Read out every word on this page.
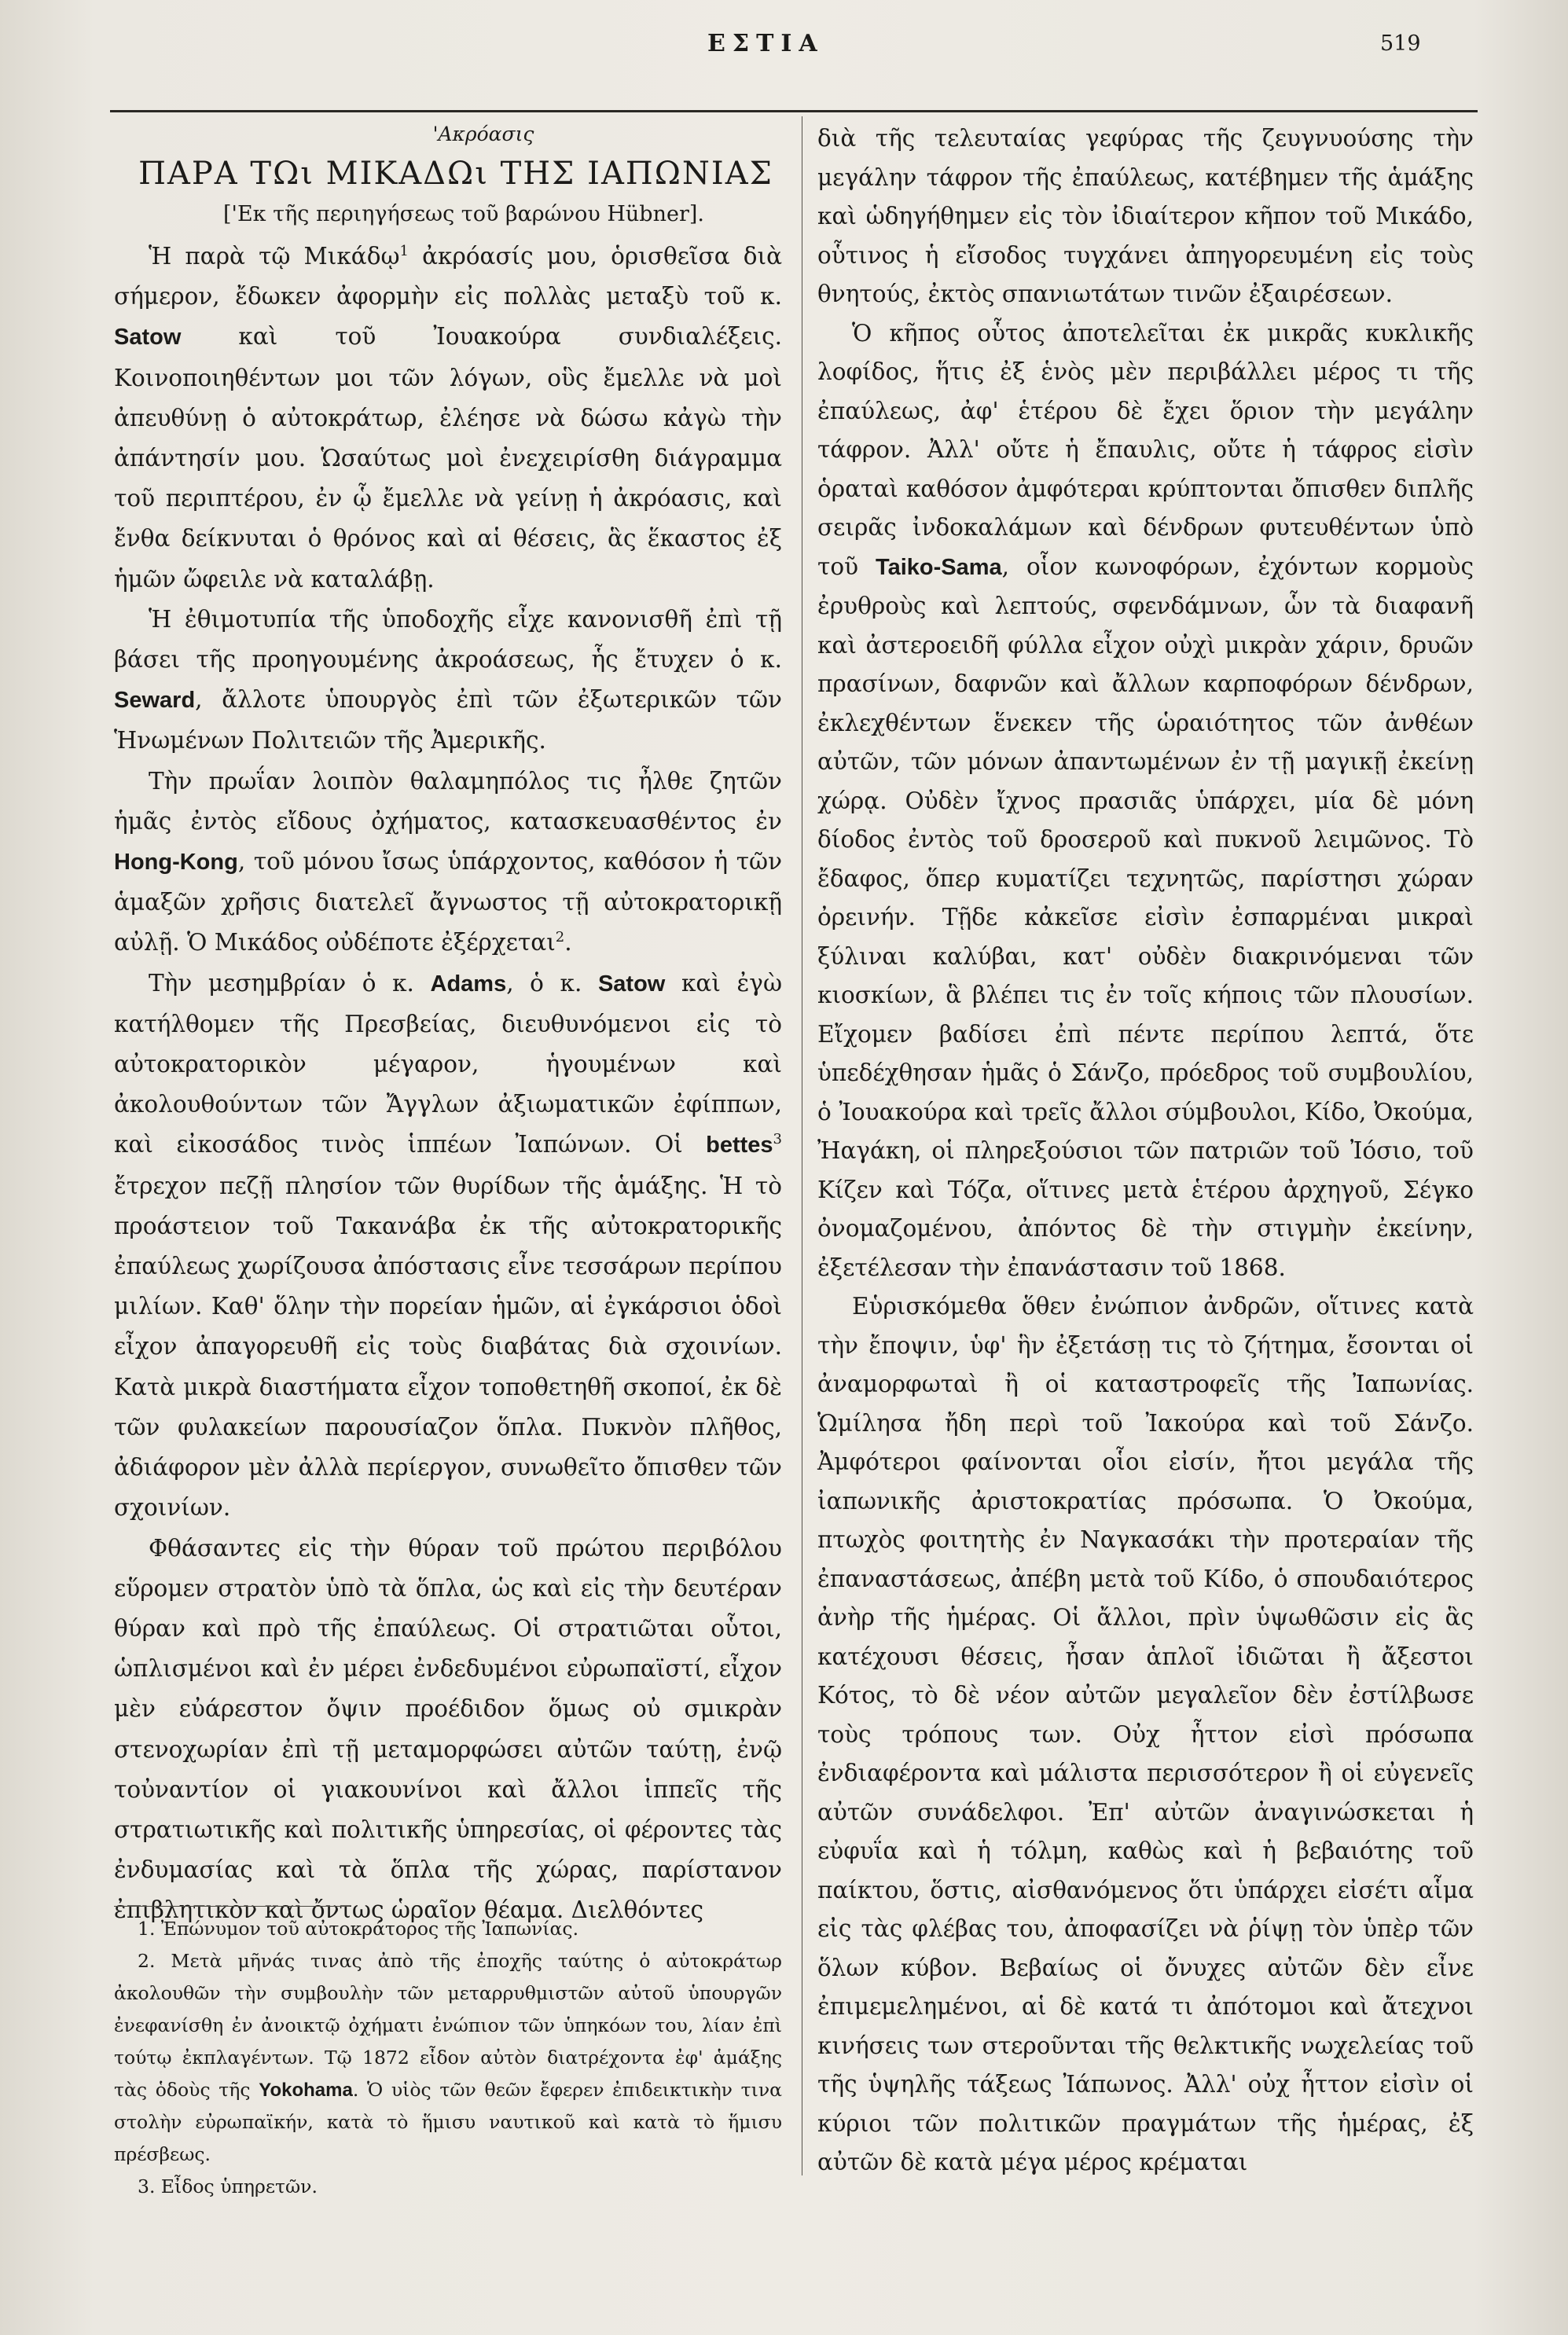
ΕΣΤΙΑ	519
'Ακρόασις
ΠΑΡΑ ΤΩι ΜΙΚΑΔΩι ΤΗΣ ΙΑΠΩΝΙΑΣ
['Εκ τῆς περιηγήσεως τοῦ βαρώνου Hübner].

Ἡ παρὰ τῷ Μικάδῳ$^1$ ἀκρόασίς μου, ὁρισθεῖσα διὰ σήμερον, ἔδωκεν ἀφορμὴν εἰς πολλὰς μεταξὺ τοῦ κ. Satow καὶ τοῦ Ἰουακούρα συνδιαλέξεις. Κοινοποιηθέντων μοι τῶν λόγων, οὓς ἔμελλε νὰ μοὶ ἀπευθύνῃ ὁ αὐτοκράτωρ, ἐλέησε νὰ δώσω κἀγὼ τὴν ἀπάντησίν μου. Ὡσαύτως μοὶ ἐνεχειρίσθη διάγραμμα τοῦ περιπτέρου, ἐν ᾧ ἔμελλε νὰ γείνῃ ἡ ἀκρόασις, καὶ ἔνθα δείκνυται ὁ θρόνος καὶ αἱ θέσεις, ἃς ἕκαστος ἐξ ἡμῶν ὤφειλε νὰ καταλάβῃ.

Ἡ ἐθιμοτυπία τῆς ὑποδοχῆς εἶχε κανονισθῆ ἐπὶ τῇ βάσει τῆς προηγουμένης ἀκροάσεως, ἧς ἔτυχεν ὁ κ. Seward, ἄλλοτε ὑπουργὸς ἐπὶ τῶν ἐξωτερικῶν τῶν Ἡνωμένων Πολιτειῶν τῆς Ἀμερικῆς.

Τὴν πρωΐαν λοιπὸν θαλαμηπόλος τις ἦλθε ζητῶν ἡμᾶς ἐντὸς εἴδους ὀχήματος, κατασκευασθέντος ἐν Hong-Kong, τοῦ μόνου ἴσως ὑπάρχοντος, καθόσον ἡ τῶν ἁμαξῶν χρῆσις διατελεῖ ἄγνωστος τῇ αὐτοκρατορικῇ αὐλῇ. Ὁ Μικάδος οὐδέποτε ἐξέρχεται$^2$.

Τὴν μεσημβρίαν ὁ κ. Adams, ὁ κ. Satow καὶ ἐγὼ κατήλθομεν τῆς Πρεσβείας, διευθυνόμενοι εἰς τὸ αὐτοκρατορικὸν μέγαρον, ἡγουμένων καὶ ἀκολουθούντων τῶν Ἄγγλων ἀξιωματικῶν ἐφίππων, καὶ εἰκοσάδος τινὸς ἱππέων Ἰαπώνων. Οἱ bettes$^3$ ἔτρεχον πεζῇ πλησίον τῶν θυρίδων τῆς ἁμάξης. Ἡ τὸ προάστειον τοῦ Τακανάβα ἐκ τῆς αὐτοκρατορικῆς ἐπαύλεως χωρίζουσα ἀπόστασις εἶνε τεσσάρων περίπου μιλίων. Καθ' ὅλην τὴν πορείαν ἡμῶν, αἱ ἐγκάρσιοι ὁδοὶ εἶχον ἀπαγορευθῆ εἰς τοὺς διαβάτας διὰ σχοινίων. Κατὰ μικρὰ διαστήματα εἶχον τοποθετηθῆ σκοποί, ἐκ δὲ τῶν φυλακείων παρουσίαζον ὅπλα. Πυκνὸν πλῆθος, ἀδιάφορον μὲν ἀλλὰ περίεργον, συνωθεῖτο ὄπισθεν τῶν σχοινίων.

Φθάσαντες εἰς τὴν θύραν τοῦ πρώτου περιβόλου εὕρομεν στρατὸν ὑπὸ τὰ ὅπλα, ὡς καὶ εἰς τὴν δευτέραν θύραν καὶ πρὸ τῆς ἐπαύλεως. Οἱ στρατιῶται οὗτοι, ὡπλισμένοι καὶ ἐν μέρει ἐνδεδυμένοι εὐρωπαϊστί, εἶχον μὲν εὐάρεστον ὄψιν προέδιδον ὅμως οὐ σμικρὰν στενοχωρίαν ἐπὶ τῇ μεταμορφώσει αὐτῶν ταύτῃ, ἐνῷ τοὐναντίον οἱ γιακουνίνοι καὶ ἄλλοι ἱππεῖς τῆς στρατιωτικῆς καὶ πολιτικῆς ὑπηρεσίας, οἱ φέροντες τὰς ἐνδυμασίας καὶ τὰ ὅπλα τῆς χώρας, παρίστανον ἐπιβλητικὸν καὶ ὄντως ὡραῖον θέαμα. Διελθόντες

1. Ἐπώνυμον τοῦ αὐτοκράτορος τῆς Ἰαπωνίας.

2. Μετὰ μῆνάς τινας ἀπὸ τῆς ἐποχῆς ταύτης ὁ αὐτοκράτωρ ἀκολουθῶν τὴν συμβουλὴν τῶν μεταρρυθμιστῶν αὐτοῦ ὑπουργῶν ἐνεφανίσθη ἐν ἀνοικτῷ ὀχήματι ἐνώπιον τῶν ὑπηκόων του, λίαν ἐπὶ τούτῳ ἐκπλαγέντων. Τῷ 1872 εἶδον αὐτὸν διατρέχοντα ἐφ' ἁμάξης τὰς ὁδοὺς τῆς Yokohama. Ὁ υἱὸς τῶν θεῶν ἔφερεν ἐπιδεικτικὴν τινα στολὴν εὐρωπαϊκήν, κατὰ τὸ ἥμισυ ναυτικοῦ καὶ κατὰ τὸ ἥμισυ πρέσβεως.

3. Εἶδος ὑπηρετῶν.

διὰ τῆς τελευταίας γεφύρας τῆς ζευγνυούσης τὴν μεγάλην τάφρον τῆς ἐπαύλεως, κατέβημεν τῆς ἁμάξης καὶ ὡδηγήθημεν εἰς τὸν ἰδιαίτερον κῆπον τοῦ Μικάδο, οὗτινος ἡ εἴσοδος τυγχάνει ἀπηγορευμένη εἰς τοὺς θνητούς, ἐκτὸς σπανιωτάτων τινῶν ἐξαιρέσεων.

Ὁ κῆπος οὗτος ἀποτελεῖται ἐκ μικρᾶς κυκλικῆς λοφίδος, ἥτις ἐξ ἑνὸς μὲν περιβάλλει μέρος τι τῆς ἐπαύλεως, ἀφ' ἑτέρου δὲ ἔχει ὅριον τὴν μεγάλην τάφρον. Ἀλλ' οὔτε ἡ ἔπαυλις, οὔτε ἡ τάφρος εἰσὶν ὁραταὶ καθόσον ἀμφότεραι κρύπτονται ὄπισθεν διπλῆς σειρᾶς ἰνδοκαλάμων καὶ δένδρων φυτευθέντων ὑπὸ τοῦ Taiko-Sama, οἷον κωνοφόρων, ἐχόντων κορμοὺς ἐρυθροὺς καὶ λεπτούς, σφενδάμνων, ὧν τὰ διαφανῆ καὶ ἀστεροειδῆ φύλλα εἶχον οὐχὶ μικρὰν χάριν, δρυῶν πρασίνων, δαφνῶν καὶ ἄλλων καρποφόρων δένδρων, ἐκλεχθέντων ἕνεκεν τῆς ὡραιότητος τῶν ἀνθέων αὐτῶν, τῶν μόνων ἀπαντωμένων ἐν τῇ μαγικῇ ἐκείνῃ χώρᾳ. Οὐδὲν ἴχνος πρασιᾶς ὑπάρχει, μία δὲ μόνη δίοδος ἐντὸς τοῦ δροσεροῦ καὶ πυκνοῦ λειμῶνος. Τὸ ἔδαφος, ὅπερ κυματίζει τεχνητῶς, παρίστησι χώραν ὀρεινήν. Τῇδε κἀκεῖσε εἰσὶν ἐσπαρμέναι μικραὶ ξύλιναι καλύβαι, κατ' οὐδὲν διακρινόμεναι τῶν κιοσκίων, ἃ βλέπει τις ἐν τοῖς κήποις τῶν πλουσίων. Εἴχομεν βαδίσει ἐπὶ πέντε περίπου λεπτά, ὅτε ὑπεδέχθησαν ἡμᾶς ὁ Σάνζο, πρόεδρος τοῦ συμβουλίου, ὁ Ἰουακούρα καὶ τρεῖς ἄλλοι σύμβουλοι, Κίδο, Ὀκούμα, Ἠαγάκη, οἱ πληρεξούσιοι τῶν πατριῶν τοῦ Ἰόσιο, τοῦ Κίζεν καὶ Τόζα, οἵτινες μετὰ ἑτέρου ἀρχηγοῦ, Σέγκο ὀνομαζομένου, ἀπόντος δὲ τὴν στιγμὴν ἐκείνην, ἐξετέλεσαν τὴν ἐπανάστασιν τοῦ 1868.

Εὑρισκόμεθα ὅθεν ἐνώπιον ἀνδρῶν, οἵτινες κατὰ τὴν ἔποψιν, ὑφ' ἣν ἐξετάσῃ τις τὸ ζήτημα, ἔσονται οἱ ἀναμορφωταὶ ἢ οἱ καταστροφεῖς τῆς Ἰαπωνίας. Ὡμίλησα ἤδη περὶ τοῦ Ἰακούρα καὶ τοῦ Σάνζο. Ἀμφότεροι φαίνονται οἷοι εἰσίν, ἤτοι μεγάλα τῆς ἰαπωνικῆς ἀριστοκρατίας πρόσωπα. Ὁ Ὀκούμα, πτωχὸς φοιτητὴς ἐν Ναγκασάκι τὴν προτεραίαν τῆς ἐπαναστάσεως, ἀπέβη μετὰ τοῦ Κίδο, ὁ σπουδαιότερος ἀνὴρ τῆς ἡμέρας. Οἱ ἄλλοι, πρὶν ὑψωθῶσιν εἰς ἃς κατέχουσι θέσεις, ἦσαν ἁπλοῖ ἰδιῶται ἢ ἄξεστοι Κότος, τὸ δὲ νέον αὐτῶν μεγαλεῖον δὲν ἐστίλβωσε τοὺς τρόπους των. Οὐχ ἧττον εἰσὶ πρόσωπα ἐνδιαφέροντα καὶ μάλιστα περισσότερον ἢ οἱ εὐγενεῖς αὐτῶν συνάδελφοι. Ἐπ' αὐτῶν ἀναγινώσκεται ἡ εὐφυΐα καὶ ἡ τόλμη, καθὼς καὶ ἡ βεβαιότης τοῦ παίκτου, ὅστις, αἰσθανόμενος ὅτι ὑπάρχει εἰσέτι αἷμα εἰς τὰς φλέβας του, ἀποφασίζει νὰ ῥίψῃ τὸν ὑπὲρ τῶν ὅλων κύβον. Βεβαίως οἱ ὄνυχες αὐτῶν δὲν εἶνε ἐπιμεμελημένοι, αἱ δὲ κατά τι ἀπότομοι καὶ ἄτεχνοι κινήσεις των στεροῦνται τῆς θελκτικῆς νωχελείας τοῦ τῆς ὑψηλῆς τάξεως Ἰάπωνος. Ἀλλ' οὐχ ἧττον εἰσὶν οἱ κύριοι τῶν πολιτικῶν πραγμάτων τῆς ἡμέρας, ἐξ αὐτῶν δὲ κατὰ μέγα μέρος κρέμαται
